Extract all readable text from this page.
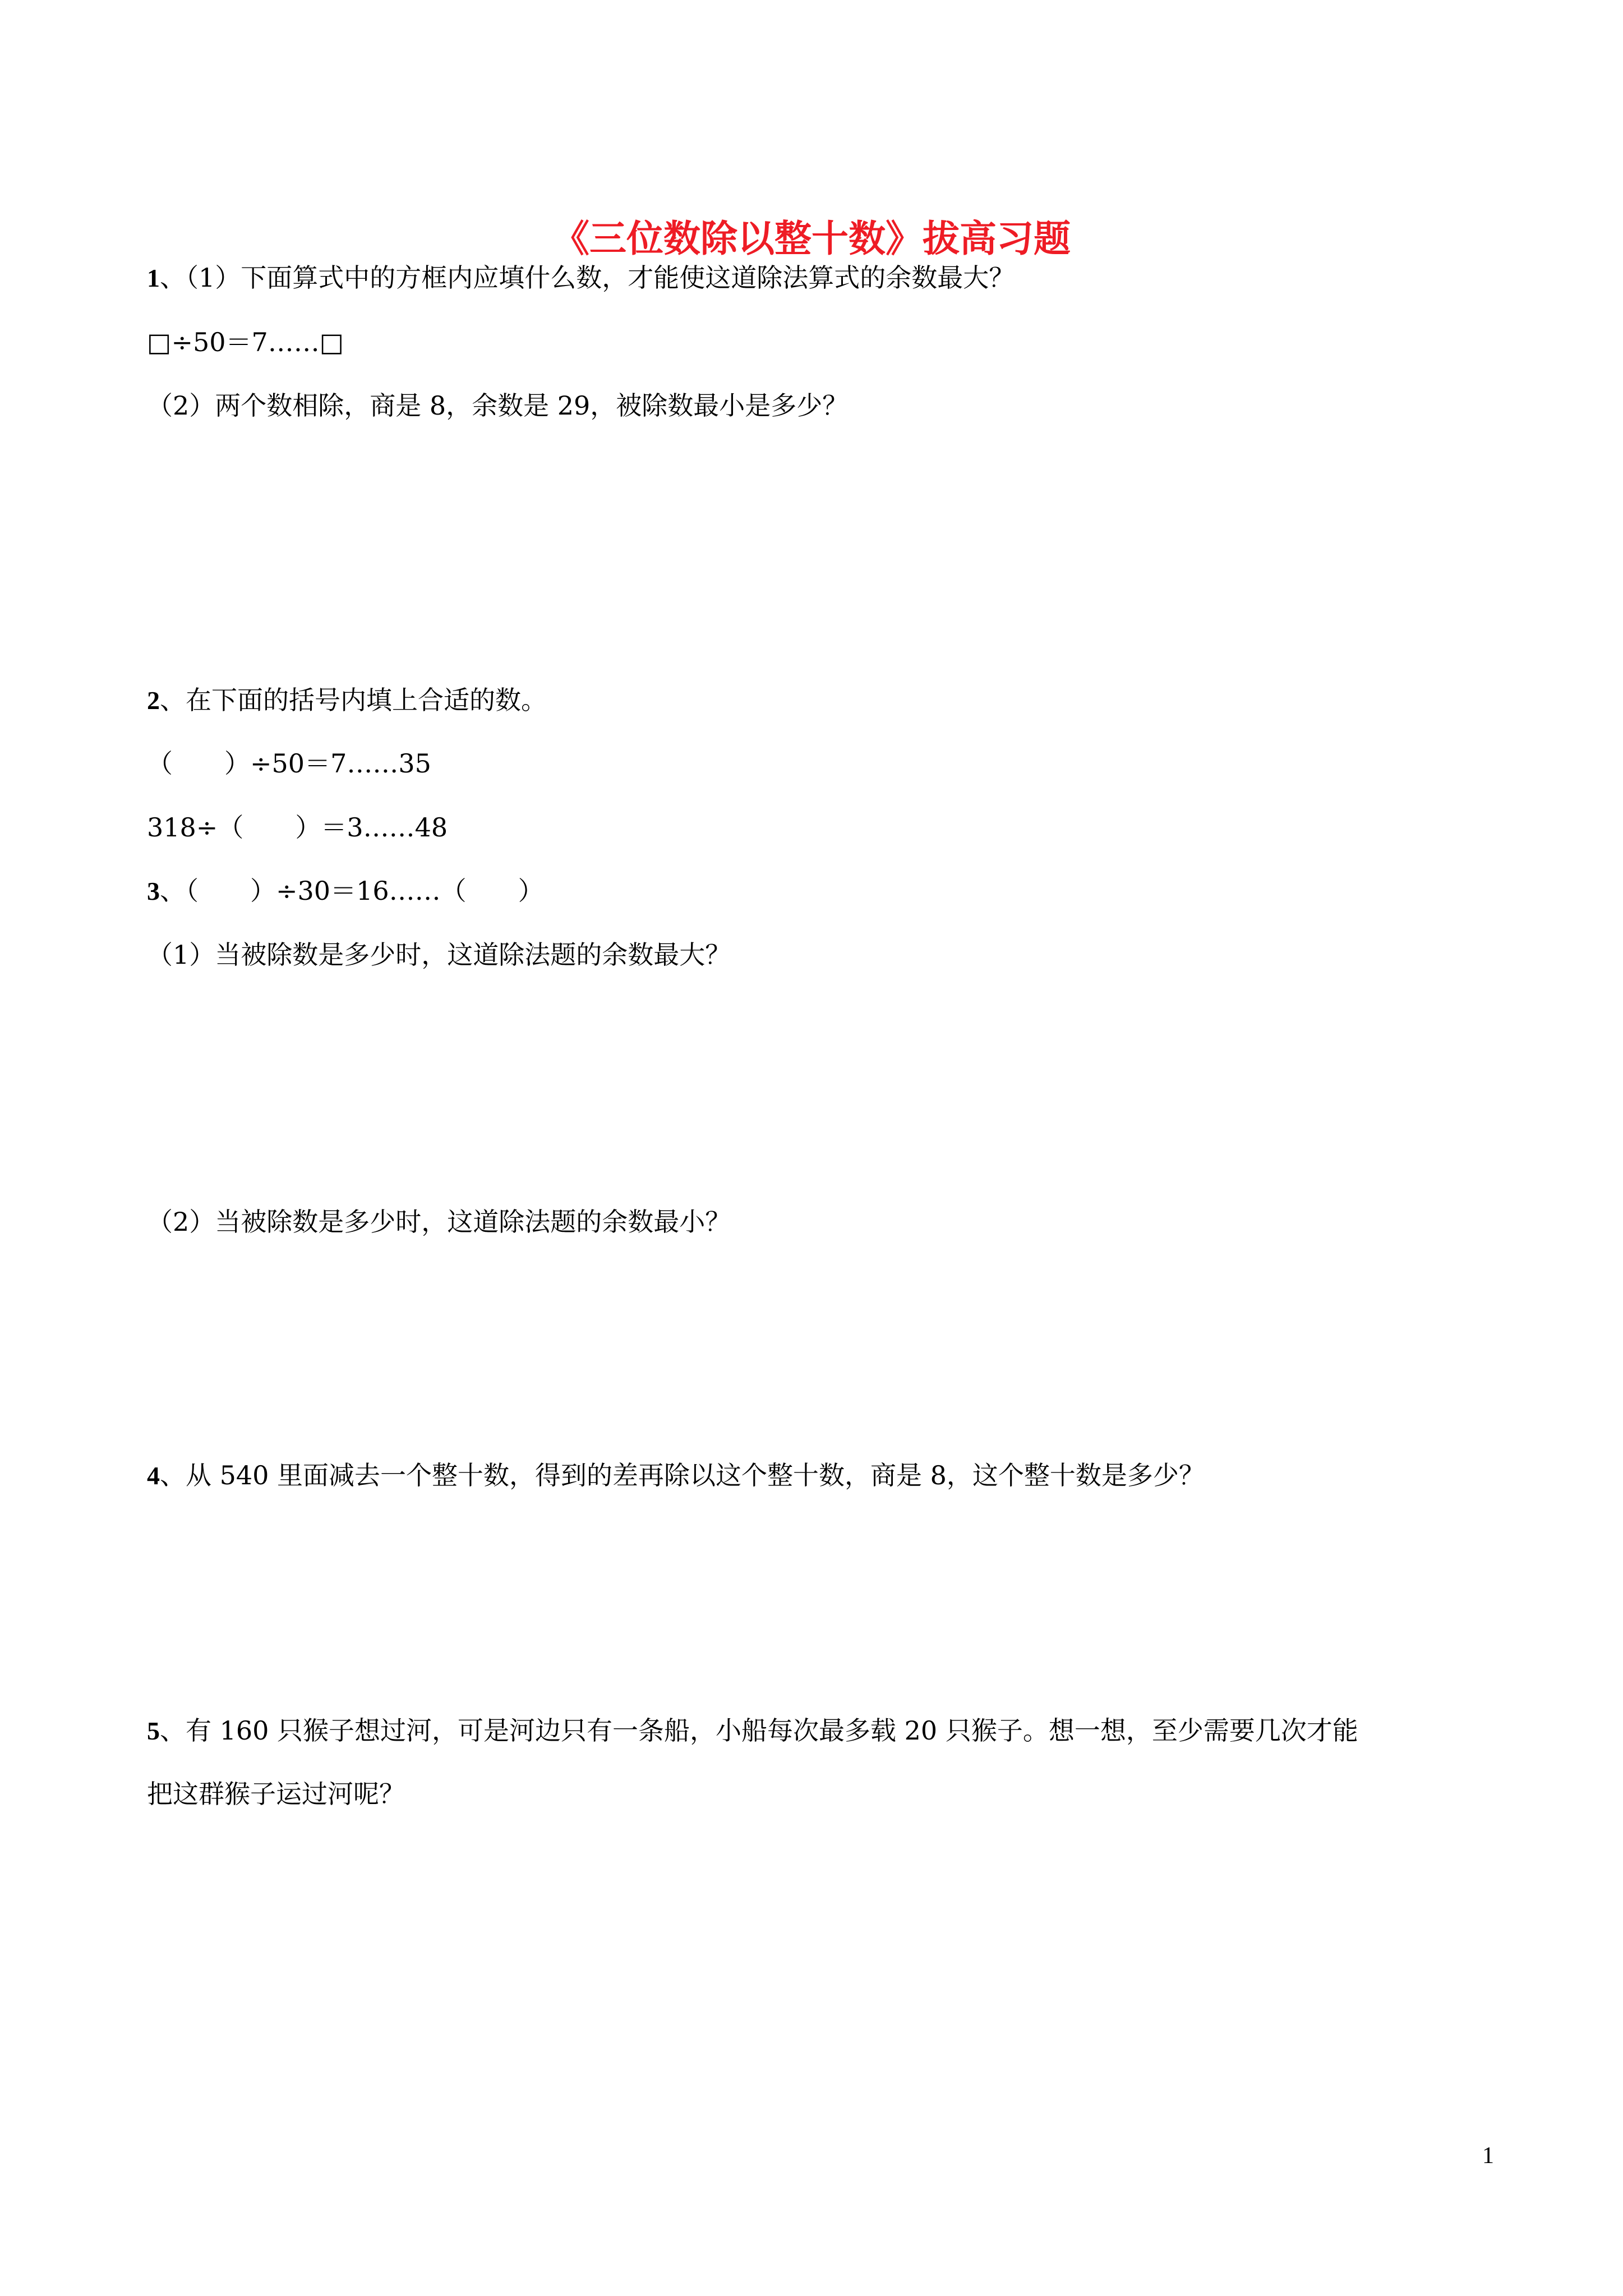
《三位数除以整十数》拔高习题
1、（1）下面算式中的方框内应填什么数，才能使这道除法算式的余数最大？
□÷50＝7……□
（2）两个数相除，商是 8，余数是 29，被除数最小是多少？
2、在下面的括号内填上合适的数。
（　　）÷50＝7……35
318÷（　　）＝3……48
3、（　　）÷30＝16……（　　）
（1）当被除数是多少时，这道除法题的余数最大？
（2）当被除数是多少时，这道除法题的余数最小？
4、从 540 里面减去一个整十数，得到的差再除以这个整十数，商是 8，这个整十数是多少？
5、有 160 只猴子想过河，可是河边只有一条船，小船每次最多载 20 只猴子。想一想，至少需要几次才能
把这群猴子运过河呢？
1
